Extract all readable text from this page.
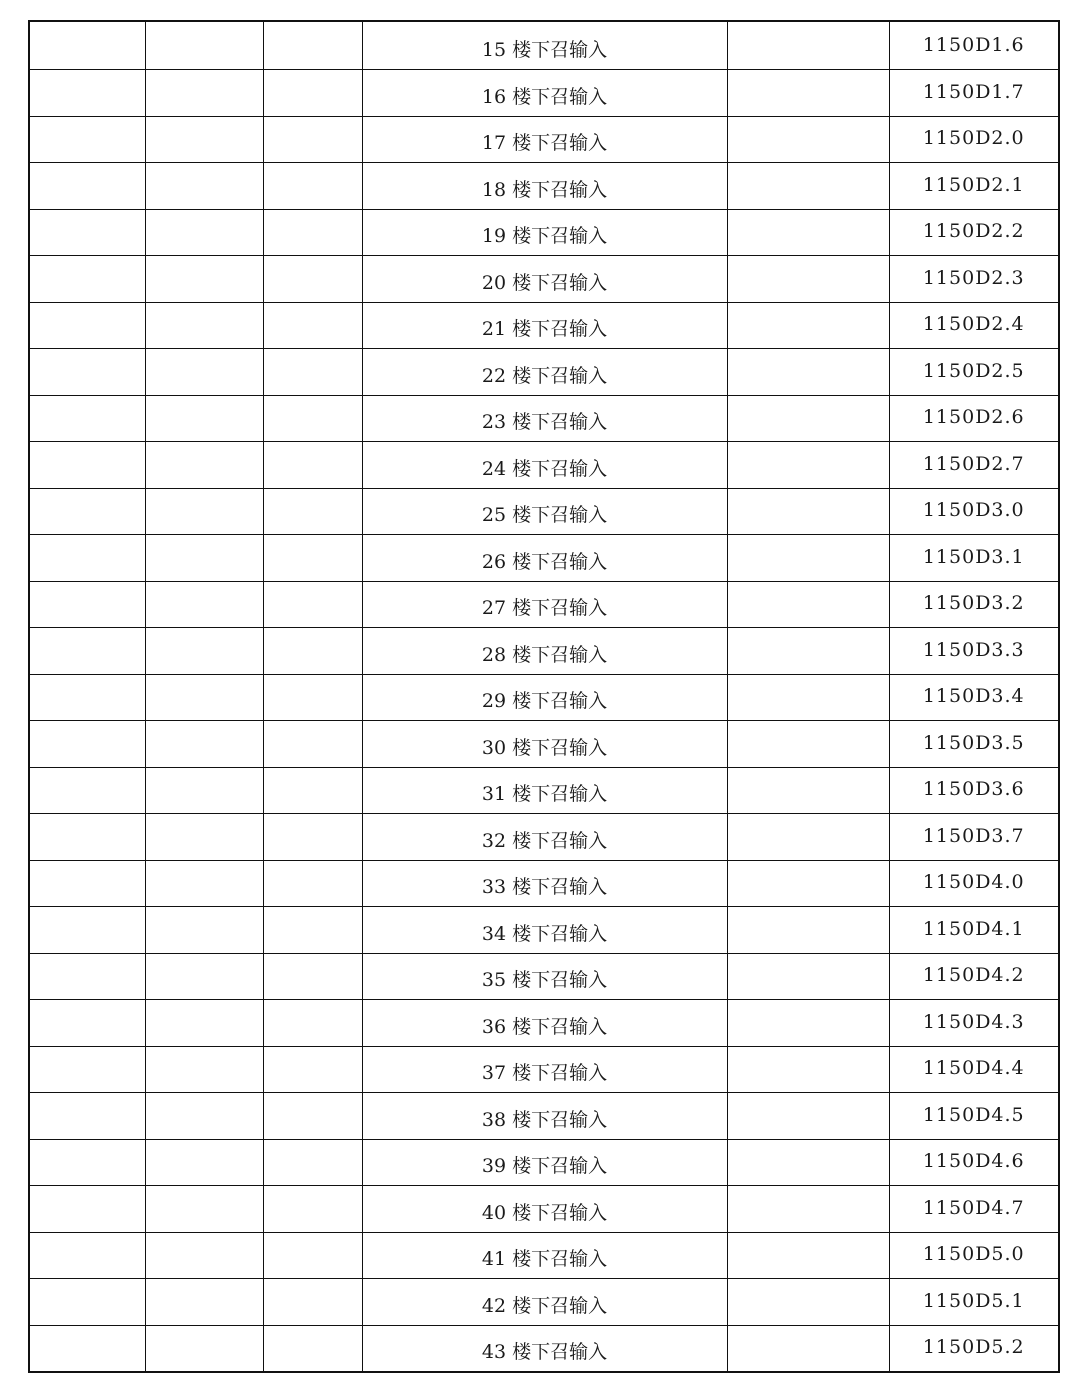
			15 楼下召输入		1150D1.6
			16 楼下召输入		1150D1.7
			17 楼下召输入		1150D2.0
			18 楼下召输入		1150D2.1
			19 楼下召输入		1150D2.2
			20 楼下召输入		1150D2.3
			21 楼下召输入		1150D2.4
			22 楼下召输入		1150D2.5
			23 楼下召输入		1150D2.6
			24 楼下召输入		1150D2.7
			25 楼下召输入		1150D3.0
			26 楼下召输入		1150D3.1
			27 楼下召输入		1150D3.2
			28 楼下召输入		1150D3.3
			29 楼下召输入		1150D3.4
			30 楼下召输入		1150D3.5
			31 楼下召输入		1150D3.6
			32 楼下召输入		1150D3.7
			33 楼下召输入		1150D4.0
			34 楼下召输入		1150D4.1
			35 楼下召输入		1150D4.2
			36 楼下召输入		1150D4.3
			37 楼下召输入		1150D4.4
			38 楼下召输入		1150D4.5
			39 楼下召输入		1150D4.6
			40 楼下召输入		1150D4.7
			41 楼下召输入		1150D5.0
			42 楼下召输入		1150D5.1
			43 楼下召输入		1150D5.2
